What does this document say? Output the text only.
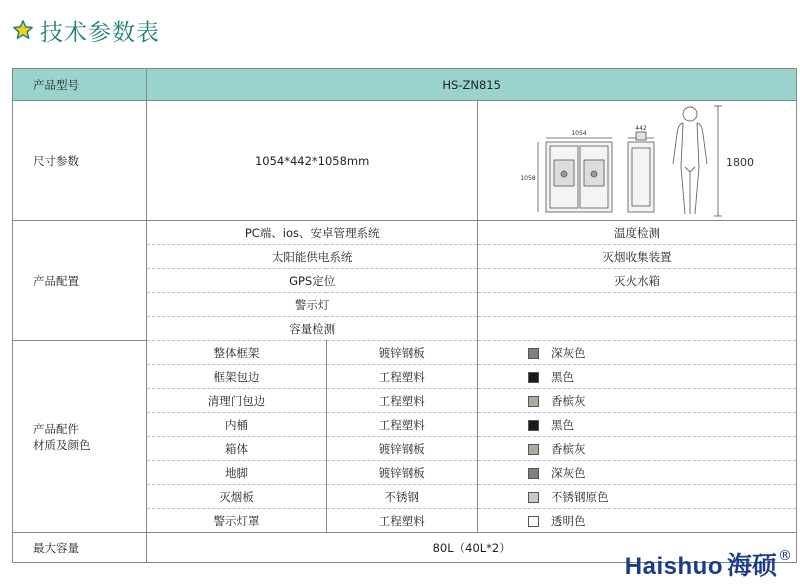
技术参数表
产品型号	HS-ZN815		
尺寸参数	1054*442*1058mm		1054
1058
442
1800

产品配置	PC端、ios、安卓管理系统		温度检测
	太阳能供电系统		灭烟收集装置
	GPS定位		灭火水箱
	警示灯		
	容量检测		

产品配件
材质及颜色	整体框架	镀锌钢板	深灰色
	框架包边	工程塑料	黑色
	清理门包边	工程塑料	香槟灰
	内桶	工程塑料	黑色
	箱体	镀锌钢板	香槟灰
	地脚	镀锌钢板	深灰色
	灭烟板	不锈钢	不锈钢原色
	警示灯罩	工程塑料	透明色
最大容量	80L（40L*2）		
Haishuo 海硕 ®
